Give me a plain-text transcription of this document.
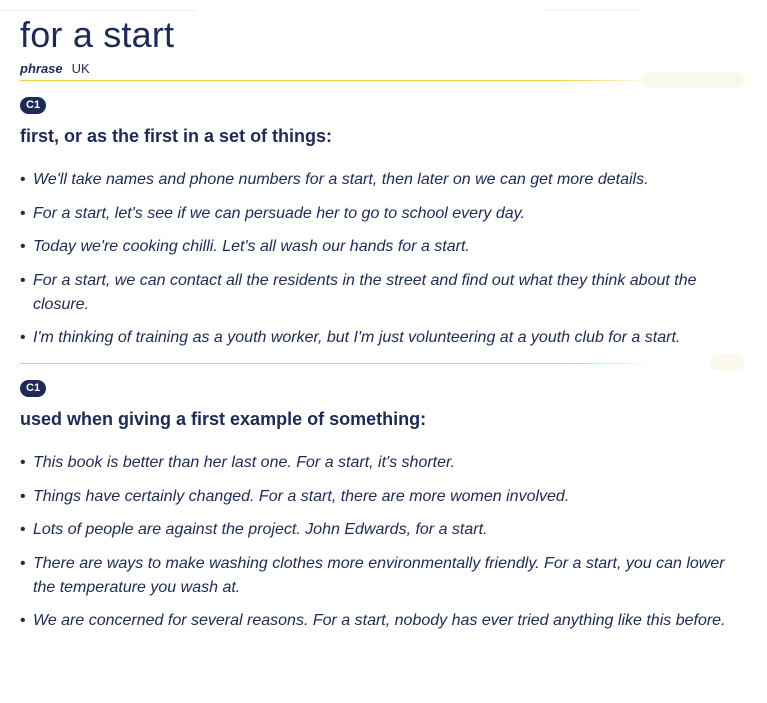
for a start
phrase UK
C1

first, or as the first in a set of things:

• We'll take names and phone numbers for a start, then later on we can get more details.
• For a start, let's see if we can persuade her to go to school every day.
• Today we're cooking chilli. Let's all wash our hands for a start.
• For a start, we can contact all the residents in the street and find out what they think about the closure.
• I'm thinking of training as a youth worker, but I'm just volunteering at a youth club for a start.
C1

used when giving a first example of something:

• This book is better than her last one. For a start, it's shorter.
• Things have certainly changed. For a start, there are more women involved.
• Lots of people are against the project. John Edwards, for a start.
• There are ways to make washing clothes more environmentally friendly. For a start, you can lower the temperature you wash at.
• We are concerned for several reasons. For a start, nobody has ever tried anything like this before.
